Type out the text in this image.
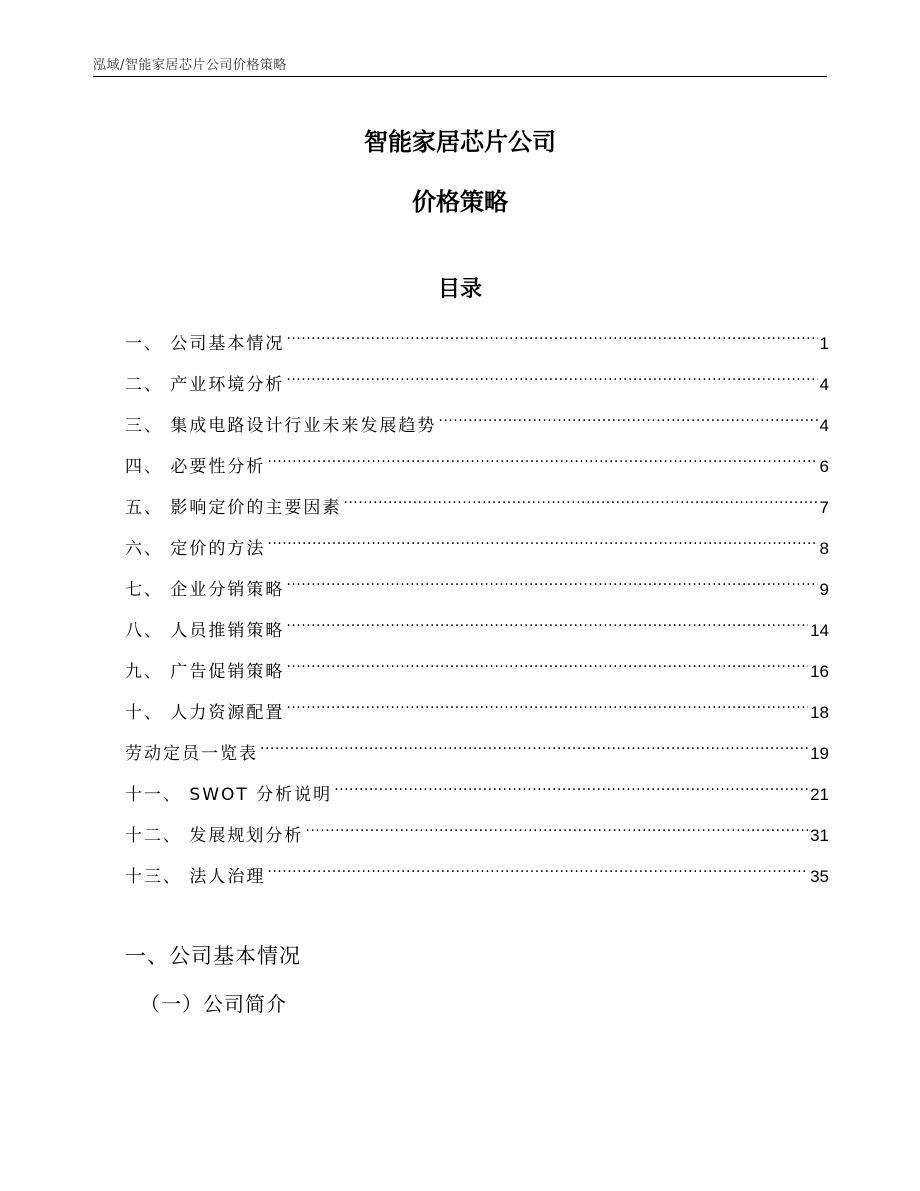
泓域/智能家居芯片公司价格策略
智能家居芯片公司
价格策略
目录
一、 公司基本情况 .....	1
二、 产业环境分析 .....	4
三、 集成电路设计行业未来发展趋势 .....	4
四、 必要性分析 .....	6
五、 影响定价的主要因素 .....	7
六、 定价的方法 .....	8
七、 企业分销策略 .....	9
八、 人员推销策略 .....	14
九、 广告促销策略 .....	16
十、 人力资源配置 .....	18
劳动定员一览表 .....	19
十一、 SWOT 分析说明 .....	21
十二、 发展规划分析 .....	31
十三、 法人治理 .....	35
一、公司基本情况
（一）公司简介
